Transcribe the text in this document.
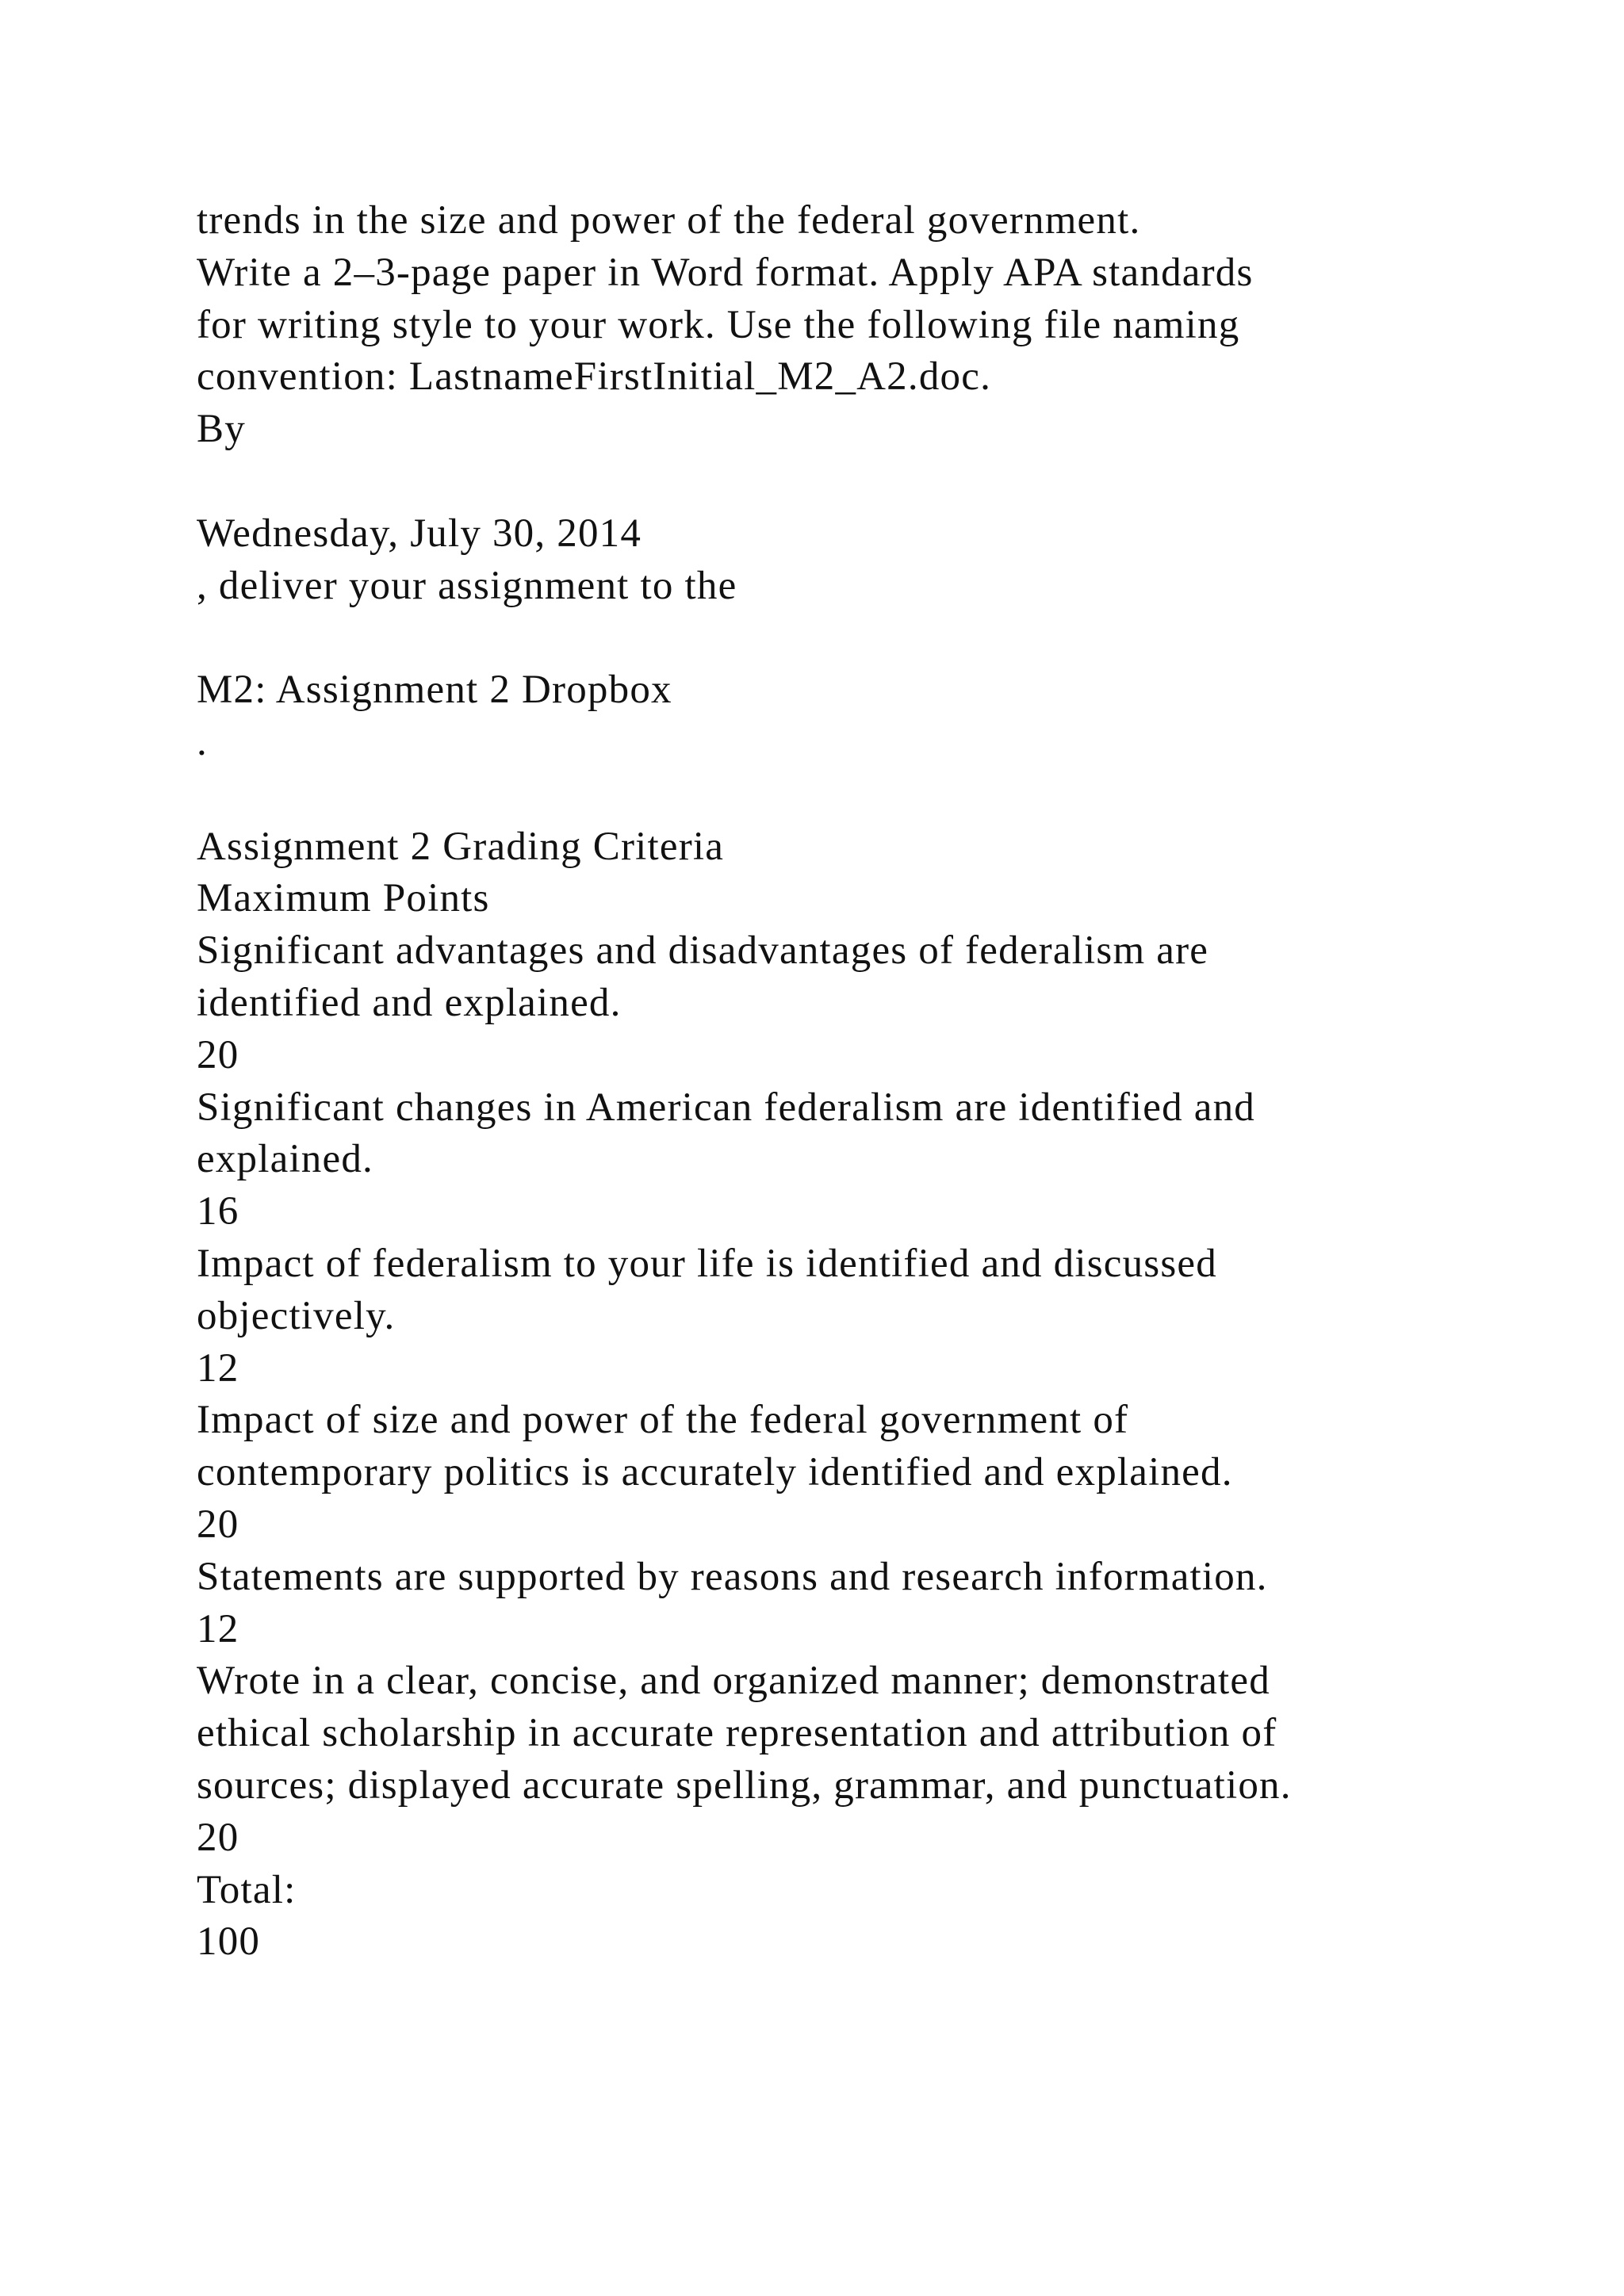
trends in the size and power of the federal government.
Write a 2–3-page paper in Word format. Apply APA standards
for writing style to your work. Use the following file naming
convention: LastnameFirstInitial_M2_A2.doc.
By
Wednesday, July 30, 2014
, deliver your assignment to the
M2: Assignment 2 Dropbox
.
Assignment 2 Grading Criteria
Maximum Points
Significant advantages and disadvantages of federalism are
identified and explained.
20
Significant changes in American federalism are identified and
explained.
16
Impact of federalism to your life is identified and discussed
objectively.
12
Impact of size and power of the federal government of
contemporary politics is accurately identified and explained.
20
Statements are supported by reasons and research information.
12
Wrote in a clear, concise, and organized manner; demonstrated
ethical scholarship in accurate representation and attribution of
sources; displayed accurate spelling, grammar, and punctuation.
20
Total:
100
